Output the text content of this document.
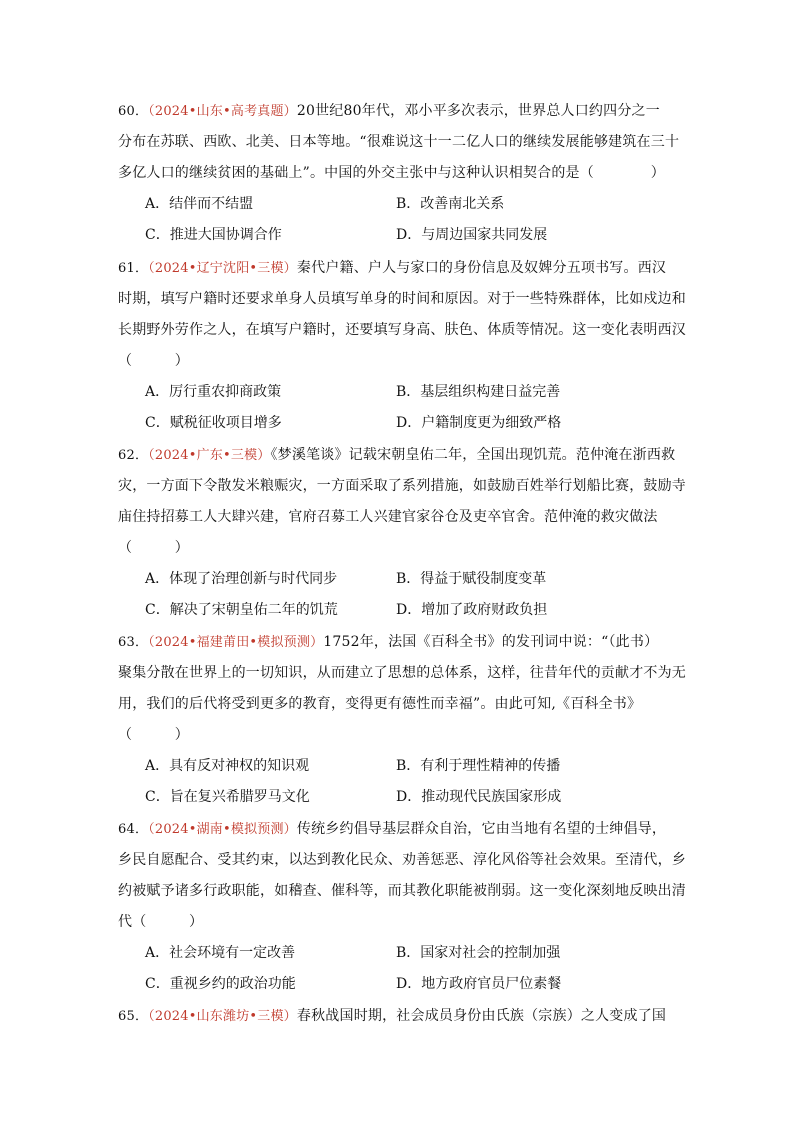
60．（2024•山东•高考真题）20世纪80年代，邓小平多次表示，世界总人口约四分之一
分布在苏联、西欧、北美、日本等地。“很难说这十一二亿人口的继续发展能够建筑在三十
多亿人口的继续贫困的基础上”。中国的外交主张中与这种认识相契合的是（　　　　）
A．结伴而不结盟	B．改善南北关系
C．推进大国协调合作	D．与周边国家共同发展
61．（2024•辽宁沈阳•三模）秦代户籍、户人与家口的身份信息及奴婢分五项书写。西汉
时期，填写户籍时还要求单身人员填写单身的时间和原因。对于一些特殊群体，比如戍边和
长期野外劳作之人，在填写户籍时，还要填写身高、肤色、体质等情况。这一变化表明西汉
（　　　）
A．厉行重农抑商政策	B．基层组织构建日益完善
C．赋税征收项目增多	D．户籍制度更为细致严格
62．（2024•广东•三模）《梦溪笔谈》记载宋朝皇佑二年，全国出现饥荒。范仲淹在浙西救
灾，一方面下令散发米粮赈灾，一方面采取了系列措施，如鼓励百姓举行划船比赛，鼓励寺
庙住持招募工人大肆兴建，官府召募工人兴建官家谷仓及吏卒官舍。范仲淹的救灾做法
（　　　）
A．体现了治理创新与时代同步	B．得益于赋役制度变革
C．解决了宋朝皇佑二年的饥荒	D．增加了政府财政负担
63．（2024•福建莆田•模拟预测）1752年，法国《百科全书》的发刊词中说：“（此书）
聚集分散在世界上的一切知识，从而建立了思想的总体系，这样，往昔年代的贡献才不为无
用，我们的后代将受到更多的教育，变得更有德性而幸福”。由此可知,《百科全书》
（　　　）
A．具有反对神权的知识观	B．有利于理性精神的传播
C．旨在复兴希腊罗马文化	D．推动现代民族国家形成
64．（2024•湖南•模拟预测）传统乡约倡导基层群众自治，它由当地有名望的士绅倡导，
乡民自愿配合、受其约束，以达到教化民众、劝善惩恶、淳化风俗等社会效果。至清代，乡
约被赋予诸多行政职能，如稽查、催科等，而其教化职能被削弱。这一变化深刻地反映出清
代（　　　）
A．社会环境有一定改善	B．国家对社会的控制加强
C．重视乡约的政治功能	D．地方政府官员尸位素餐
65．（2024•山东潍坊•三模）春秋战国时期，社会成员身份由氏族（宗族）之人变成了国
